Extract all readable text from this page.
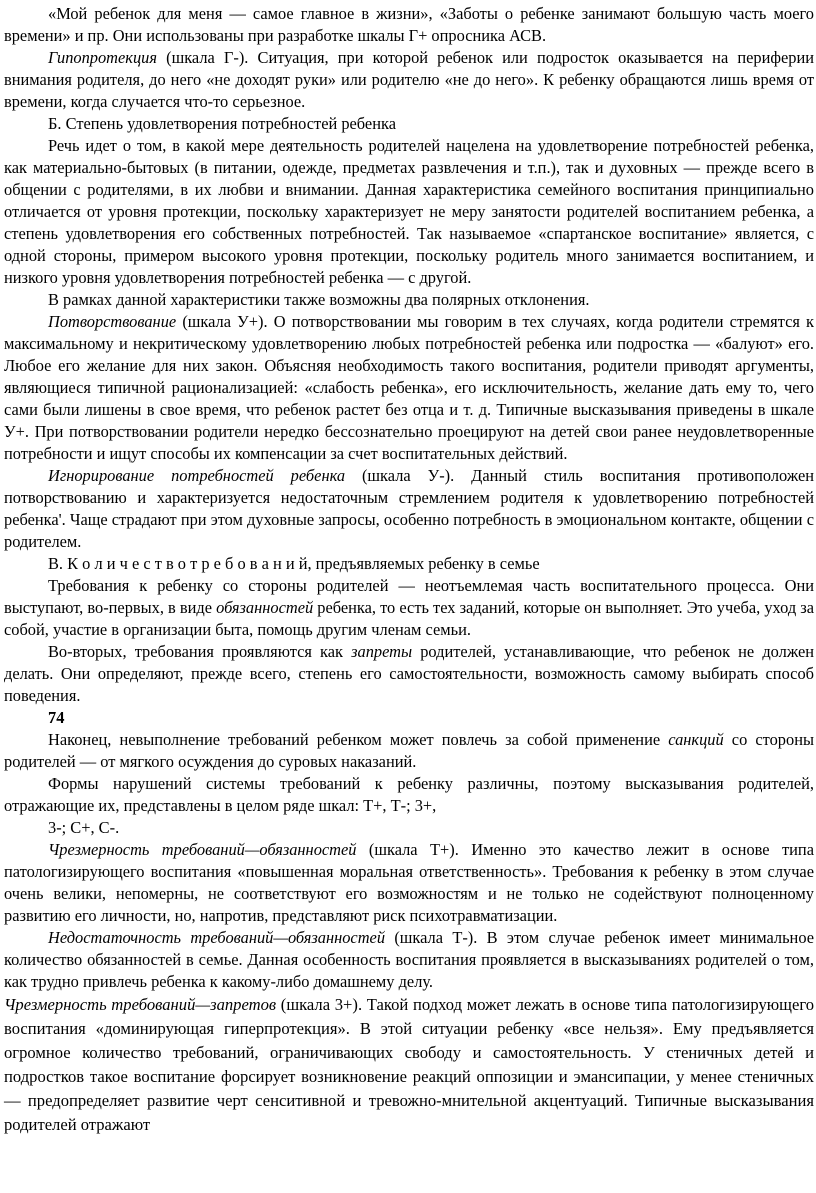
«Мой ребенок для меня — самое главное в жизни», «Заботы о ребенке занимают большую часть моего времени» и пр. Они использованы при разработке шкалы Г+ опросника АСВ.

Гипопротекция (шкала Г-). Ситуация, при которой ребенок или подросток оказывается на периферии внимания родителя, до него «не доходят руки» или родителю «не до него». К ребенку обращаются лишь время от времени, когда случается что-то серьезное.

Б. Степень удовлетворения потребностей ребенка

Речь идет о том, в какой мере деятельность родителей нацелена на удовлетворение потребностей ребенка, как материально-бытовых (в питании, одежде, предметах развлечения и т.п.), так и духовных — прежде всего в общении с родителями, в их любви и внимании. Данная характеристика семейного воспитания принципиально отличается от уровня протекции, поскольку характеризует не меру занятости родителей воспитанием ребенка, а степень удовлетворения его собственных потребностей. Так называемое «спартанское воспитание» является, с одной стороны, примером высокого уровня протекции, поскольку родитель много занимается воспитанием, и низкого уровня удовлетворения потребностей ребенка — с другой.

В рамках данной характеристики также возможны два полярных отклонения.

Потворствование (шкала У+). О потворствовании мы говорим в тех случаях, когда родители стремятся к максимальному и некритическому удовлетворению любых потребностей ребенка или подростка — «балуют» его. Любое его желание для них закон. Объясняя необходимость такого воспитания, родители приводят аргументы, являющиеся типичной рационализацией: «слабость ребенка», его исключительность, желание дать ему то, чего сами были лишены в свое время, что ребенок растет без отца и т. д. Типичные высказывания приведены в шкале У+. При потворствовании родители нередко бессознательно проецируют на детей свои ранее неудовлетворенные потребности и ищут способы их компенсации за счет воспитательных действий.

Игнорирование потребностей ребенка (шкала У-). Данный стиль воспитания противоположен потворствованию и характеризуется недостаточным стремлением родителя к удовлетворению потребностей ребенка'. Чаще страдают при этом духовные запросы, особенно потребность в эмоциональном контакте, общении с родителем.

В. К о л и ч е с т в о т р е б о в а н и й, предъявляемых ребенку в семье

Требования к ребенку со стороны родителей — неотъемлемая часть воспитательного процесса. Они выступают, во-первых, в виде обязанностей ребенка, то есть тех заданий, которые он выполняет. Это учеба, уход за собой, участие в организации быта, помощь другим членам семьи.

Во-вторых, требования проявляются как запреты родителей, устанавливающие, что ребенок не должен делать. Они определяют, прежде всего, степень его самостоятельности, возможность самому выбирать способ поведения.

74

Наконец, невыполнение требований ребенком может повлечь за собой применение санкций со стороны родителей — от мягкого осуждения до суровых наказаний.

Формы нарушений системы требований к ребенку различны, поэтому высказывания родителей, отражающие их, представлены в целом ряде шкал: Т+, Т-; 3+,

3-; С+, С-.

Чрезмерность требований—обязанностей (шкала Т+). Именно это качество лежит в основе типа патологизирующего воспитания «повышенная моральная ответственность». Требования к ребенку в этом случае очень велики, непомерны, не соответствуют его возможностям и не только не содействуют полноценному развитию его личности, но, напротив, представляют риск психотравматизации.

Недостаточность требований—обязанностей (шкала Т-). В этом случае ребенок имеет минимальное количество обязанностей в семье. Данная особенность воспитания проявляется в высказываниях родителей о том, как трудно привлечь ребенка к какому-либо домашнему делу.

Чрезмерность требований—запретов (шкала 3+). Такой подход может лежать в основе типа патологизирующего воспитания «доминирующая гиперпротекция». В этой ситуации ребенку «все нельзя». Ему предъявляется огромное количество требований, ограничивающих свободу и самостоятельность. У стеничных детей и подростков такое воспитание форсирует возникновение реакций оппозиции и эмансипации, у менее стеничных — предопределяет развитие черт сенситивной и тревожно-мнительной акцентуаций. Типичные высказывания родителей отражают
